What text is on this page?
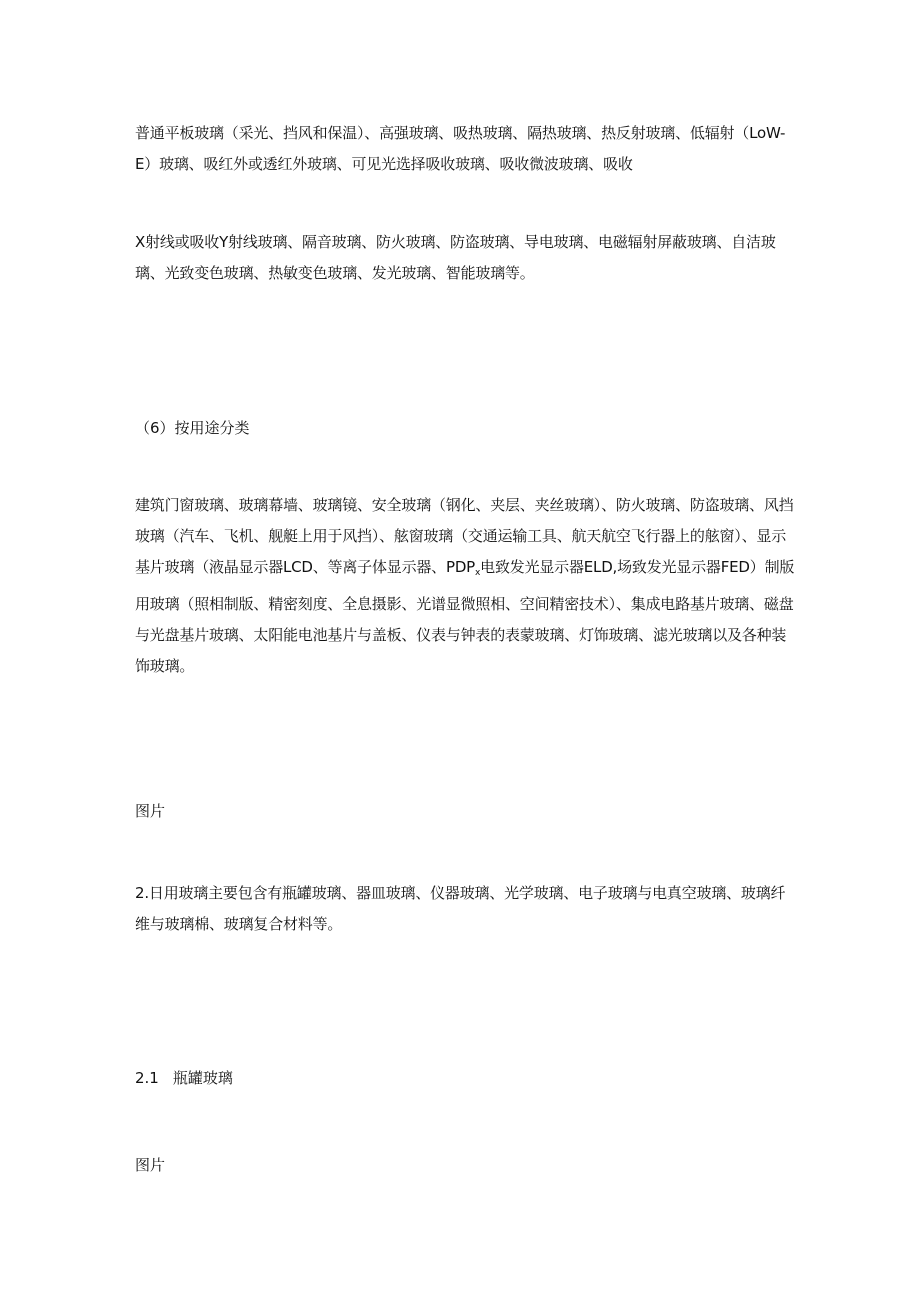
普通平板玻璃（采光、挡风和保温）、高强玻璃、吸热玻璃、隔热玻璃、热反射玻璃、低辐射（LoW-E）玻璃、吸红外或透红外玻璃、可见光选择吸收玻璃、吸收微波玻璃、吸收

X射线或吸收Y射线玻璃、隔音玻璃、防火玻璃、防盗玻璃、导电玻璃、电磁辐射屏蔽玻璃、自洁玻璃、光致变色玻璃、热敏变色玻璃、发光玻璃、智能玻璃等。

（6）按用途分类

建筑门窗玻璃、玻璃幕墙、玻璃镜、安全玻璃（钢化、夹层、夹丝玻璃）、防火玻璃、防盗玻璃、风挡玻璃（汽车、飞机、舰艇上用于风挡）、舷窗玻璃（交通运输工具、航天航空飞行器上的舷窗）、显示基片玻璃（液晶显示器LCD、等离子体显示器、$PDP_x$电致发光显示器ELD,场致发光显示器FED）制版用玻璃（照相制版、精密刻度、全息摄影、光谱显微照相、空间精密技术）、集成电路基片玻璃、磁盘与光盘基片玻璃、太阳能电池基片与盖板、仪表与钟表的表蒙玻璃、灯饰玻璃、滤光玻璃以及各种装饰玻璃。

图片

2.日用玻璃主要包含有瓶罐玻璃、器皿玻璃、仪器玻璃、光学玻璃、电子玻璃与电真空玻璃、玻璃纤维与玻璃棉、玻璃复合材料等。

2.1 瓶罐玻璃

图片
